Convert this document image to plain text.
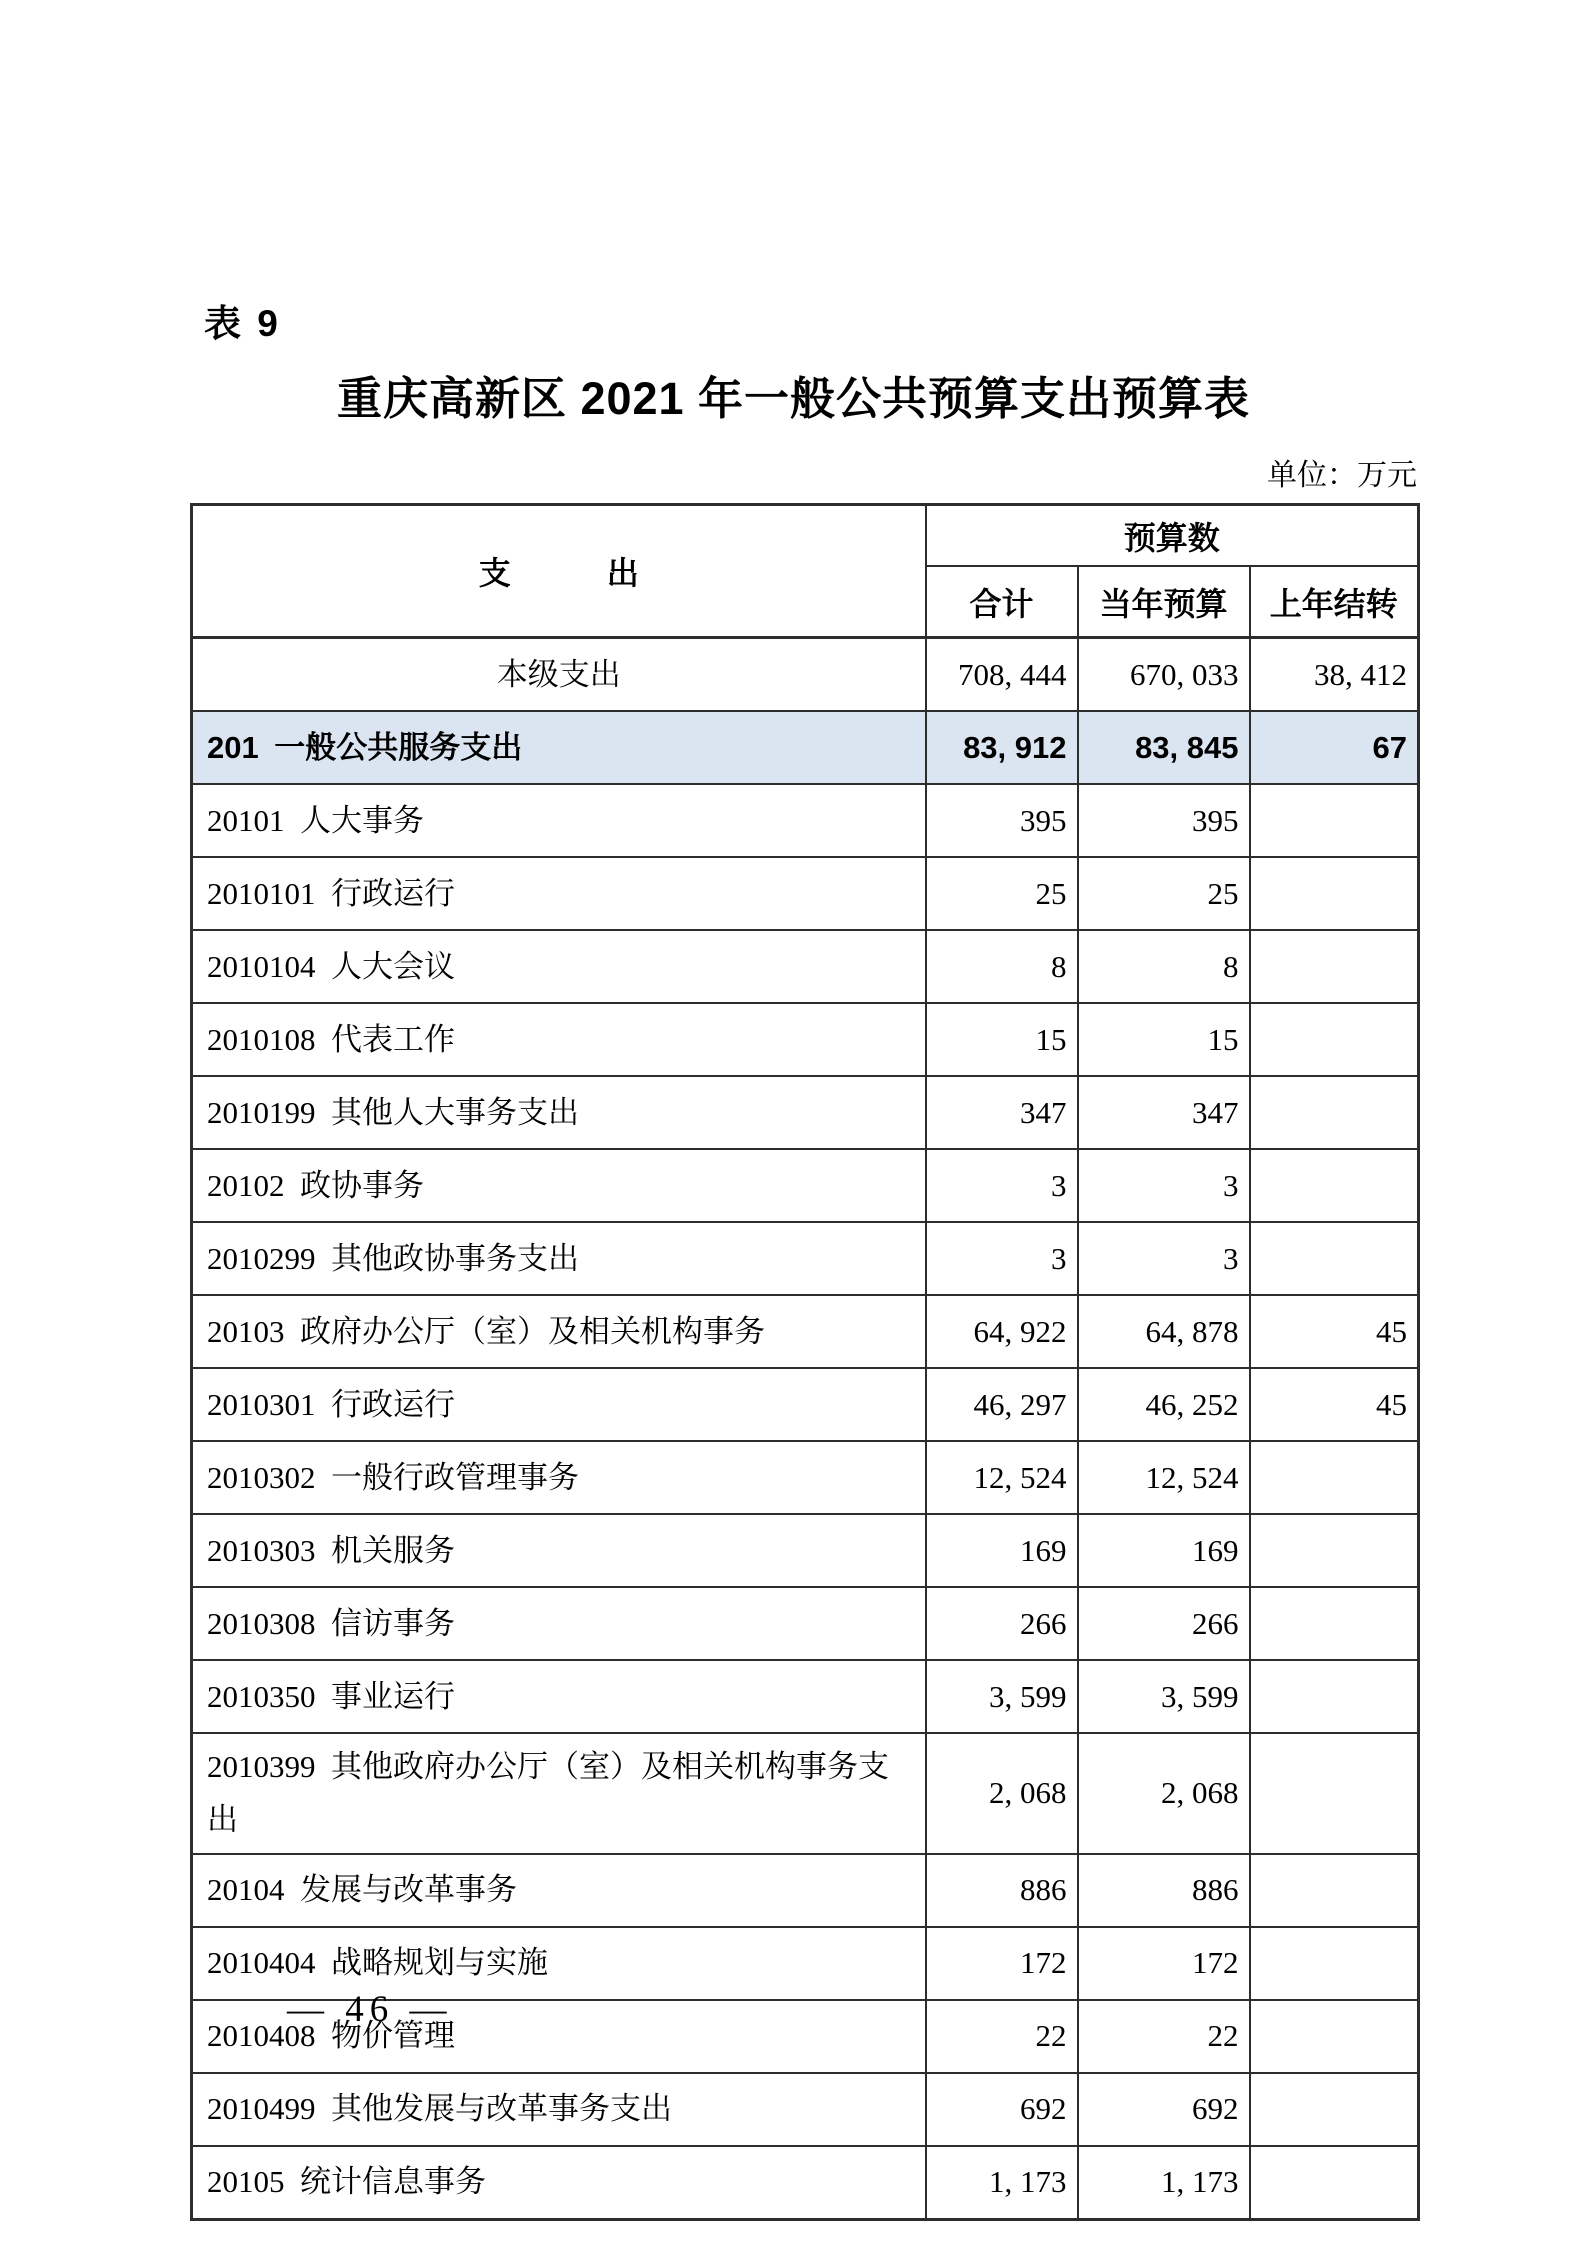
表 9
重庆高新区 2021 年一般公共预算支出预算表
单位：万元
支　　　出	预算数		
	合计	当年预算	上年结转
本级支出	708, 444	670, 033	38, 412
201 一般公共服务支出	83, 912	83, 845	67
20101 人大事务	395	395	
2010101 行政运行	25	25	
2010104 人大会议	8	8	
2010108 代表工作	15	15	
2010199 其他人大事务支出	347	347	
20102 政协事务	3	3	
2010299 其他政协事务支出	3	3	
20103 政府办公厅（室）及相关机构事务	64, 922	64, 878	45
2010301 行政运行	46, 297	46, 252	45
2010302 一般行政管理事务	12, 524	12, 524	
2010303 机关服务	169	169	
2010308 信访事务	266	266	
2010350 事业运行	3, 599	3, 599	
2010399 其他政府办公厅（室）及相关机构事务支出	2, 068	2, 068	
20104 发展与改革事务	886	886	
2010404 战略规划与实施	172	172	
2010408 物价管理	22	22	
2010499 其他发展与改革事务支出	692	692	
20105 统计信息事务	1, 173	1, 173	
— 46 —
